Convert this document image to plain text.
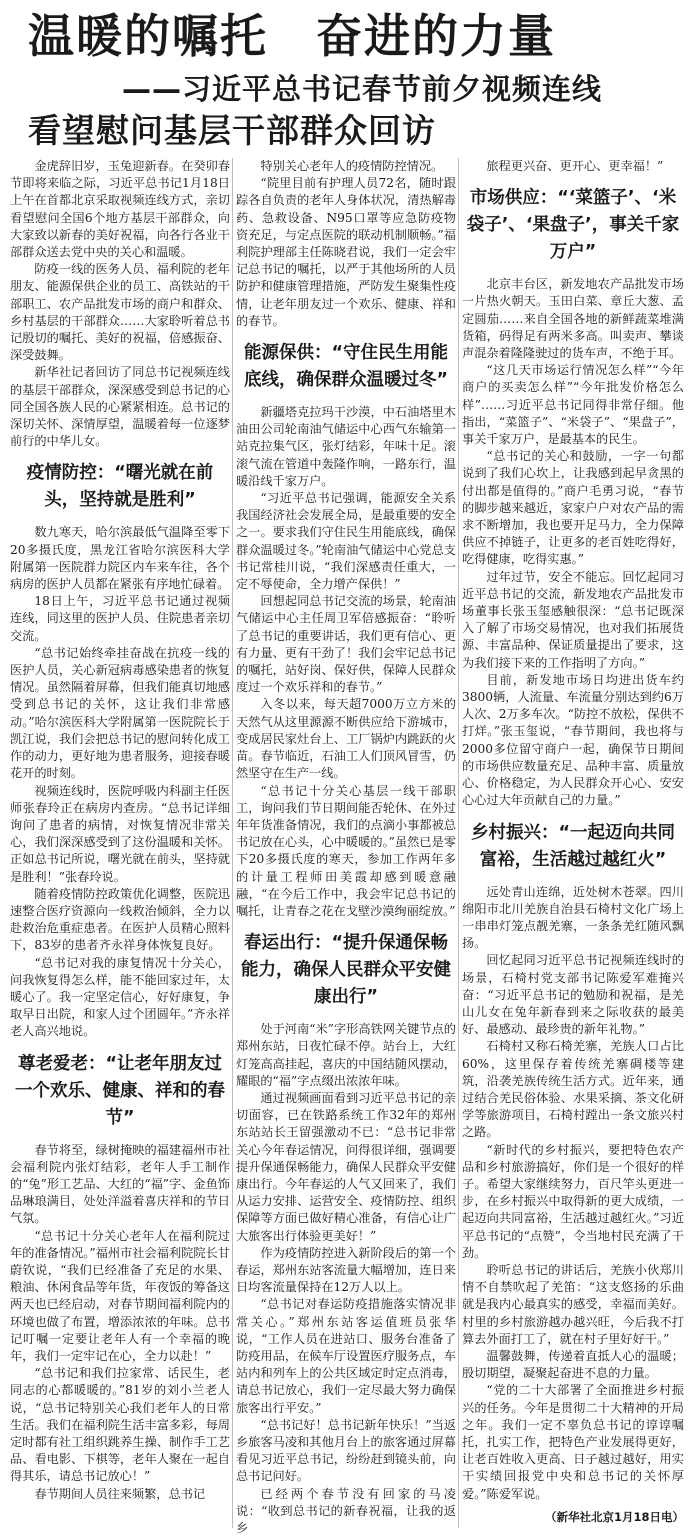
温暖的嘱托　奋进的力量
——习近平总书记春节前夕视频连线
看望慰问基层干部群众回访

金虎辞旧岁，玉兔迎新春。在癸卯春节即将来临之际，习近平总书记1月18日上午在首都北京采取视频连线方式，亲切看望慰问全国6个地方基层干部群众，向大家致以新春的美好祝福，向各行各业干部群众送去党中央的关心和温暖。

防疫一线的医务人员、福利院的老年朋友、能源保供企业的员工、高铁站的干部职工、农产品批发市场的商户和群众、乡村基层的干部群众……大家聆听着总书记殷切的嘱托、美好的祝福，倍感振奋、深受鼓舞。

新华社记者回访了同总书记视频连线的基层干部群众，深深感受到总书记的心同全国各族人民的心紧紧相连。总书记的深切关怀、深情厚望，温暖着每一位逐梦前行的中华儿女。

疫情防控：“曙光就在前头，坚持就是胜利”

数九寒天，哈尔滨最低气温降至零下20多摄氏度，黑龙江省哈尔滨医科大学附属第一医院群力院区内车来车往，各个病房的医护人员都在紧张有序地忙碌着。

18日上午，习近平总书记通过视频连线，同这里的医护人员、住院患者亲切交流。

“总书记始终牵挂奋战在抗疫一线的医护人员，关心新冠病毒感染患者的恢复情况。虽然隔着屏幕，但我们能真切地感受到总书记的关怀，这让我们非常感动。”哈尔滨医科大学附属第一医院院长于凯江说，我们会把总书记的慰问转化成工作的动力，更好地为患者服务，迎接春暖花开的时刻。

视频连线时，医院呼吸内科副主任医师张春玲正在病房内查房。“总书记详细询问了患者的病情，对恢复情况非常关心，我们深深感受到了这份温暖和关怀。正如总书记所说，曙光就在前头，坚持就是胜利！”张春玲说。

随着疫情防控政策优化调整，医院迅速整合医疗资源向一线救治倾斜，全力以赴救治危重症患者。在医护人员精心照料下，83岁的患者齐永祥身体恢复良好。

“总书记对我的康复情况十分关心，问我恢复得怎么样，能不能回家过年，太暖心了。我一定坚定信心，好好康复，争取早日出院，和家人过个团圆年。”齐永祥老人高兴地说。

尊老爱老：“让老年朋友过一个欢乐、健康、祥和的春节”

春节将至，绿树掩映的福建福州市社会福利院内张灯结彩，老年人手工制作的“兔”形工艺品、大红的“福”字、金鱼饰品琳琅满目，处处洋溢着喜庆祥和的节日气氛。

“总书记十分关心老年人在福利院过年的准备情况。”福州市社会福利院院长甘蔚钦说，“我们已经准备了充足的水果、粮油、休闲食品等年货，年夜饭的筹备这两天也已经启动，对春节期间福利院内的环境也做了布置，增添浓浓的年味。总书记叮嘱一定要让老年人有一个幸福的晚年，我们一定牢记在心，全力以赴！”

“总书记和我们拉家常、话民生，老同志的心都暖暖的。”81岁的刘小兰老人说，“总书记特别关心我们老年人的日常生活。我们在福利院生活丰富多彩，每周定时都有社工组织跳养生操、制作手工艺品、看电影、下棋等，老年人聚在一起自得其乐，请总书记放心！”

春节期间人员往来频繁，总书记

特别关心老年人的疫情防控情况。

“院里目前有护理人员72名，随时跟踪各自负责的老年人身体状况，清热解毒药、急救设备、N95口罩等应急防疫物资充足，与定点医院的联动机制顺畅。”福利院护理部主任陈晓君说，我们一定会牢记总书记的嘱托，以严于其他场所的人员防护和健康管理措施，严防发生聚集性疫情，让老年朋友过一个欢乐、健康、祥和的春节。

能源保供：“守住民生用能底线，确保群众温暖过冬”

新疆塔克拉玛干沙漠，中石油塔里木油田公司轮南油气储运中心西气东输第一站克拉集气区，张灯结彩，年味十足。滚滚气流在管道中轰隆作响，一路东行，温暖沿线千家万户。

“习近平总书记强调，能源安全关系我国经济社会发展全局，是最重要的安全之一。要求我们守住民生用能底线，确保群众温暖过冬。”轮南油气储运中心党总支书记常桂川说，“我们深感责任重大，一定不辱使命，全力增产保供！”

回想起同总书记交流的场景，轮南油气储运中心主任周卫军倍感振奋：“聆听了总书记的重要讲话，我们更有信心、更有力量、更有干劲了！我们会牢记总书记的嘱托，站好岗、保好供，保障人民群众度过一个欢乐祥和的春节。”

入冬以来，每天超7000万立方米的天然气从这里源源不断供应给下游城市，变成居民家灶台上、工厂锅炉内跳跃的火苗。春节临近，石油工人们顶风冒雪，仍然坚守在生产一线。

“总书记十分关心基层一线干部职工，询问我们节日期间能否轮休、在外过年年货准备情况，我们的点滴小事都被总书记放在心头，心中暖暖的。”虽然已是零下20多摄氏度的寒天，参加工作两年多的计量工程师田美霞却感到暖意融融，“在今后工作中，我会牢记总书记的嘱托，让青春之花在戈壁沙漠绚丽绽放。”

春运出行：“提升保通保畅能力，确保人民群众平安健康出行”

处于河南“米”字形高铁网关键节点的郑州东站，日夜忙碌不停。站台上，大红灯笼高高挂起，喜庆的中国结随风摆动，耀眼的“福”字点缀出浓浓年味。

通过视频画面看到习近平总书记的亲切面容，已在铁路系统工作32年的郑州东站站长王留强激动不已：“总书记非常关心今年春运情况，问得很详细，强调要提升保通保畅能力，确保人民群众平安健康出行。今年春运的人气又回来了，我们从运力安排、运营安全、疫情防控、组织保障等方面已做好精心准备，有信心让广大旅客出行体验更美好！”

作为疫情防控进入新阶段后的第一个春运，郑州东站客流量大幅增加，连日来日均客流量保持在12万人以上。

“总书记对春运防疫措施落实情况非常关心。”郑州东站客运值班员张华说，“工作人员在进站口、服务台准备了防疫用品，在候车厅设置医疗服务点，车站内和列车上的公共区域定时定点消毒，请总书记放心，我们一定尽最大努力确保旅客出行平安。”

“总书记好！总书记新年快乐！”当返乡旅客马凌和其他月台上的旅客通过屏幕看见习近平总书记，纷纷赶到镜头前，向总书记问好。

已经两个春节没有回家的马凌说：“收到总书记的新春祝福，让我的返乡

旅程更兴奋、更开心、更幸福！”

市场供应：“‘菜篮子’、‘米袋子’、‘果盘子’，事关千家万户”

北京丰台区，新发地农产品批发市场一片热火朝天。玉田白菜、章丘大葱、孟定圆茄……来自全国各地的新鲜蔬菜堆满货箱，码得足有两米多高。叫卖声、攀谈声混杂着隆隆驶过的货车声，不绝于耳。

“这几天市场运行情况怎么样”“今年商户的买卖怎么样”“今年批发价格怎么样”……习近平总书记同得非常仔细。他指出，“菜篮子”、“米袋子”、“果盘子”，事关千家万户，是最基本的民生。

“总书记的关心和鼓励，一字一句都说到了我们心坎上，让我感到起早贪黑的付出都是值得的。”商户毛勇习说，“春节的脚步越来越近，家家户户对农产品的需求不断增加，我也要开足马力，全力保障供应不掉链子，让更多的老百姓吃得好，吃得健康，吃得实惠。”

过年过节，安全不能忘。回忆起同习近平总书记的交流，新发地农产品批发市场董事长张玉玺感触很深：“总书记既深入了解了市场交易情况，也对我们拓展货源、丰富品种、保证质量提出了要求，这为我们接下来的工作指明了方向。”

目前，新发地市场日均进出货车约3800辆，人流量、车流量分别达到约6万人次、2万多车次。“防控不放松，保供不打烊。”张玉玺说，“春节期间，我也将与2000多位留守商户一起，确保节日期间的市场供应数量充足、品种丰富、质量放心、价格稳定，为人民群众开心心、安安心心过大年贡献自己的力量。”

乡村振兴：“一起迈向共同富裕，生活越过越红火”

远处青山连绵，近处树木苍翠。四川绵阳市北川羌族自治县石椅村文化广场上一串串灯笼点靓羌寨，一条条羌红随风飘扬。

回忆起同习近平总书记视频连线时的场景，石椅村党支部书记陈爱军难掩兴奋：“习近平总书记的勉励和祝福，是羌山儿女在兔年新春到来之际收获的最美好、最感动、最珍贵的新年礼物。”

石椅村又称石椅羌寨，羌族人口占比60%，这里保存着传统羌寨碉楼等建筑，沿袭羌族传统生活方式。近年来，通过结合羌民俗体验、水果采摘、茶文化研学等旅游项目，石椅村蹚出一条文旅兴村之路。

“新时代的乡村振兴，要把特色农产品和乡村旅游搞好，你们是一个很好的样子。希望大家继续努力，百尺竿头更进一步，在乡村振兴中取得新的更大成绩，一起迈向共同富裕，生活越过越红火。”习近平总书记的“点赞”，令当地村民充满了干劲。

聆听总书记的讲话后，羌族小伙郑川情不自禁吹起了羌笛：“这支悠扬的乐曲就是我内心最真实的感受，幸福而美好。村里的乡村旅游越办越兴旺，今后我不打算去外面打工了，就在村子里好好干。”

温馨鼓舞，传递着直抵人心的温暖；殷切期望，凝聚起奋进不息的力量。

“党的二十大部署了全面推进乡村振兴的任务。今年是贯彻二十大精神的开局之年。我们一定不辜负总书记的谆谆嘱托，扎实工作，把特色产业发展得更好，让老百姓收入更高、日子越过越好，用实干实绩回报党中央和总书记的关怀厚爱。”陈爱军说。

（新华社北京1月18日电）
